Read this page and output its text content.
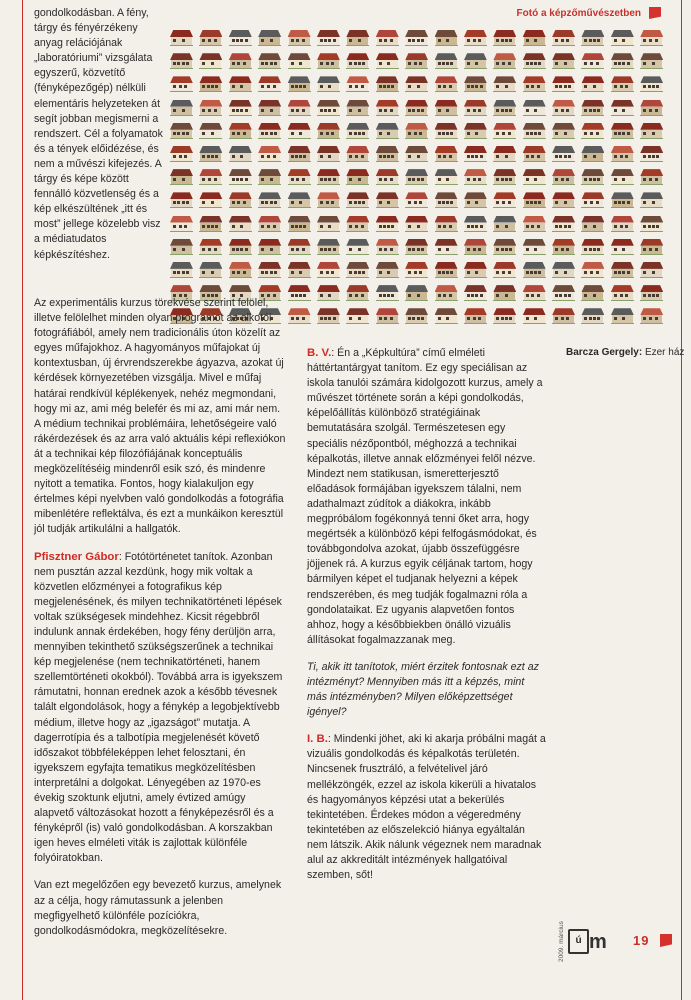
Fotó a képzőművészetben

gondolkodásban. A fény, tárgy és fényérzékeny anyag relációjának „laboratóriumi” vizsgálata egyszerű, közvetítő (fényképezőgép) nélküli elementáris helyzeteken át segít jobban megismerni a rendszert. Cél a folyamatok és a tények előidézése, és nem a művészi kifejezés. A tárgy és képe között fennálló közvetlenség és a kép elkészültének „itt és most” jellege közelebb visz a médiatudatos képkészítéshez.

Barcza Gergely: Ezer ház

Az experimentális kurzus törekvése szerint felölel, illetve felölelhet minden olyan programot az alkotói fotográfiából, amely nem tradicionális úton közelít az egyes műfajokhoz. A hagyományos műfajokat új kontextusban, új érvrendszerekbe ágyazva, azokat új kérdések környezetében vizsgálja. Mivel e műfaj határai rendkívül képlékenyek, nehéz megmondani, hogy mi az, ami még belefér és mi az, ami már nem. A médium technikai problémáira, lehetőségeire való rákérdezések és az arra való aktuális képi reflexiókon át a technikai kép filozófiájának konceptuális megközelítéséig mindenről esik szó, és mindenre nyitott a tematika. Fontos, hogy kialakuljon egy értelmes képi nyelvben való gondolkodás a fotográfia mibenlétére reflektálva, és ezt a munkáikon keresztül jól tudják artikulálni a hallgatók.

Pfisztner Gábor: Fotótörténetet tanítok. Azonban nem pusztán azzal kezdünk, hogy mik voltak a közvetlen előzményei a fotografikus kép megjelenésének, és milyen technikatörténeti lépések voltak szükségesek mindehhez. Kicsit régebbről indulunk annak érdekében, hogy fény derüljön arra, mennyiben tekinthető szükségszerűnek a technikai kép megjelenése (nem technikatörténeti, hanem szellemtörténeti okokból). Továbbá arra is igyekszem rámutatni, honnan erednek azok a később tévesnek talált elgondolások, hogy a fénykép a legobjektívebb médium, illetve hogy az „igazságot” mutatja. A dagerrotípia és a talbotípia megjelenését követő időszakot többféleképpen lehet felosztani, én igyekszem egyfajta tematikus megközelítésben interpretálni a dolgokat. Lényegében az 1970-es évekig szoktunk eljutni, amely évtized amúgy alapvető változásokat hozott a fényképezésről és a fényképről (is) való gondolkodásban. A korszakban igen heves elméleti viták is zajlottak különféle folyóiratokban.

Van ezt megelőzően egy bevezető kurzus, amelynek az a célja, hogy rámutassunk a jelenben megfigyelhető különféle pozíciókra, gondolkodásmódokra, megközelítésekre.

B. V.: Én a „Képkultúra” című elméleti háttértantárgyat tanítom. Ez egy speciálisan az iskola tanulói számára kidolgozott kurzus, amely a művészet története során a képi gondolkodás, képelőállítás különböző stratégiáinak bemutatására szolgál. Természetesen egy speciális nézőpontból, méghozzá a technikai képalkotás, illetve annak előzményei felől nézve. Mindezt nem statikusan, ismeretterjesztő előadások formájában igyekszem tálalni, nem adathalmazt zúdítok a diákokra, inkább megpróbálom fogékonnyá tenni őket arra, hogy megértsék a különböző képi felfogásmódokat, és továbbgondolva azokat, újabb összefüggésre jöjjenek rá. A kurzus egyik céljának tartom, hogy bármilyen képet el tudjanak helyezni a képek rendszerében, és meg tudják fogalmazni róla a gondolataikat. Ez ugyanis alapvetően fontos ahhoz, hogy a későbbiekben önálló vizuális állításokat fogalmazzanak meg.

Ti, akik itt tanítotok, miért érzitek fontosnak ezt az intézményt? Mennyiben más itt a képzés, mint más intézményben? Milyen előképzettséget igényel?

I. B.: Mindenki jöhet, aki ki akarja próbálni magát a vizuális gondolkodás és képalkotás területén. Nincsenek frusztráló, a felvételivel járó mellékzöngék, ezzel az iskola kikerüli a hivatalos és hagyományos képzési utat a bekerülés tekintetében. Érdekes módon a végeredmény tekintetében az előszelekció hiánya egyáltalán nem látszik. Akik nálunk végeznek nem maradnak alul az akkreditált intézmények hallgatóival szemben, sőt!

2009. március	ú m 19
